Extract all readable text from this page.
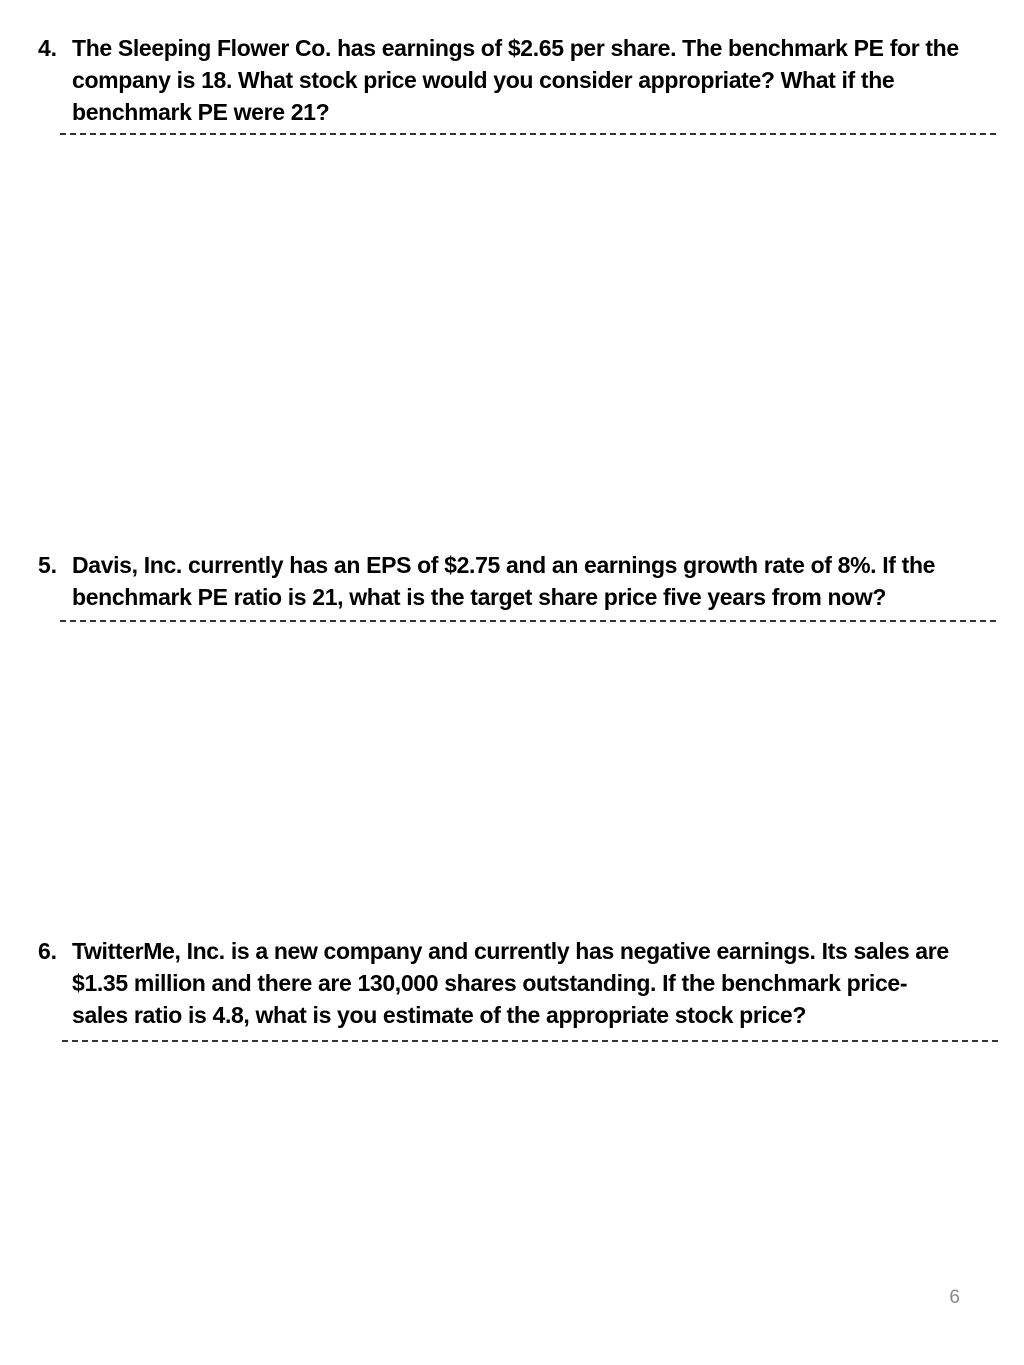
4. The Sleeping Flower Co. has earnings of $2.65 per share. The benchmark PE for the
company is 18. What stock price would you consider appropriate? What if the
benchmark PE were 21?
5. Davis, Inc. currently has an EPS of $2.75 and an earnings growth rate of 8%. If the
benchmark PE ratio is 21, what is the target share price five years from now?
6. TwitterMe, Inc. is a new company and currently has negative earnings. Its sales are
$1.35 million and there are 130,000 shares outstanding. If the benchmark price-
sales ratio is 4.8, what is you estimate of the appropriate stock price?
6
